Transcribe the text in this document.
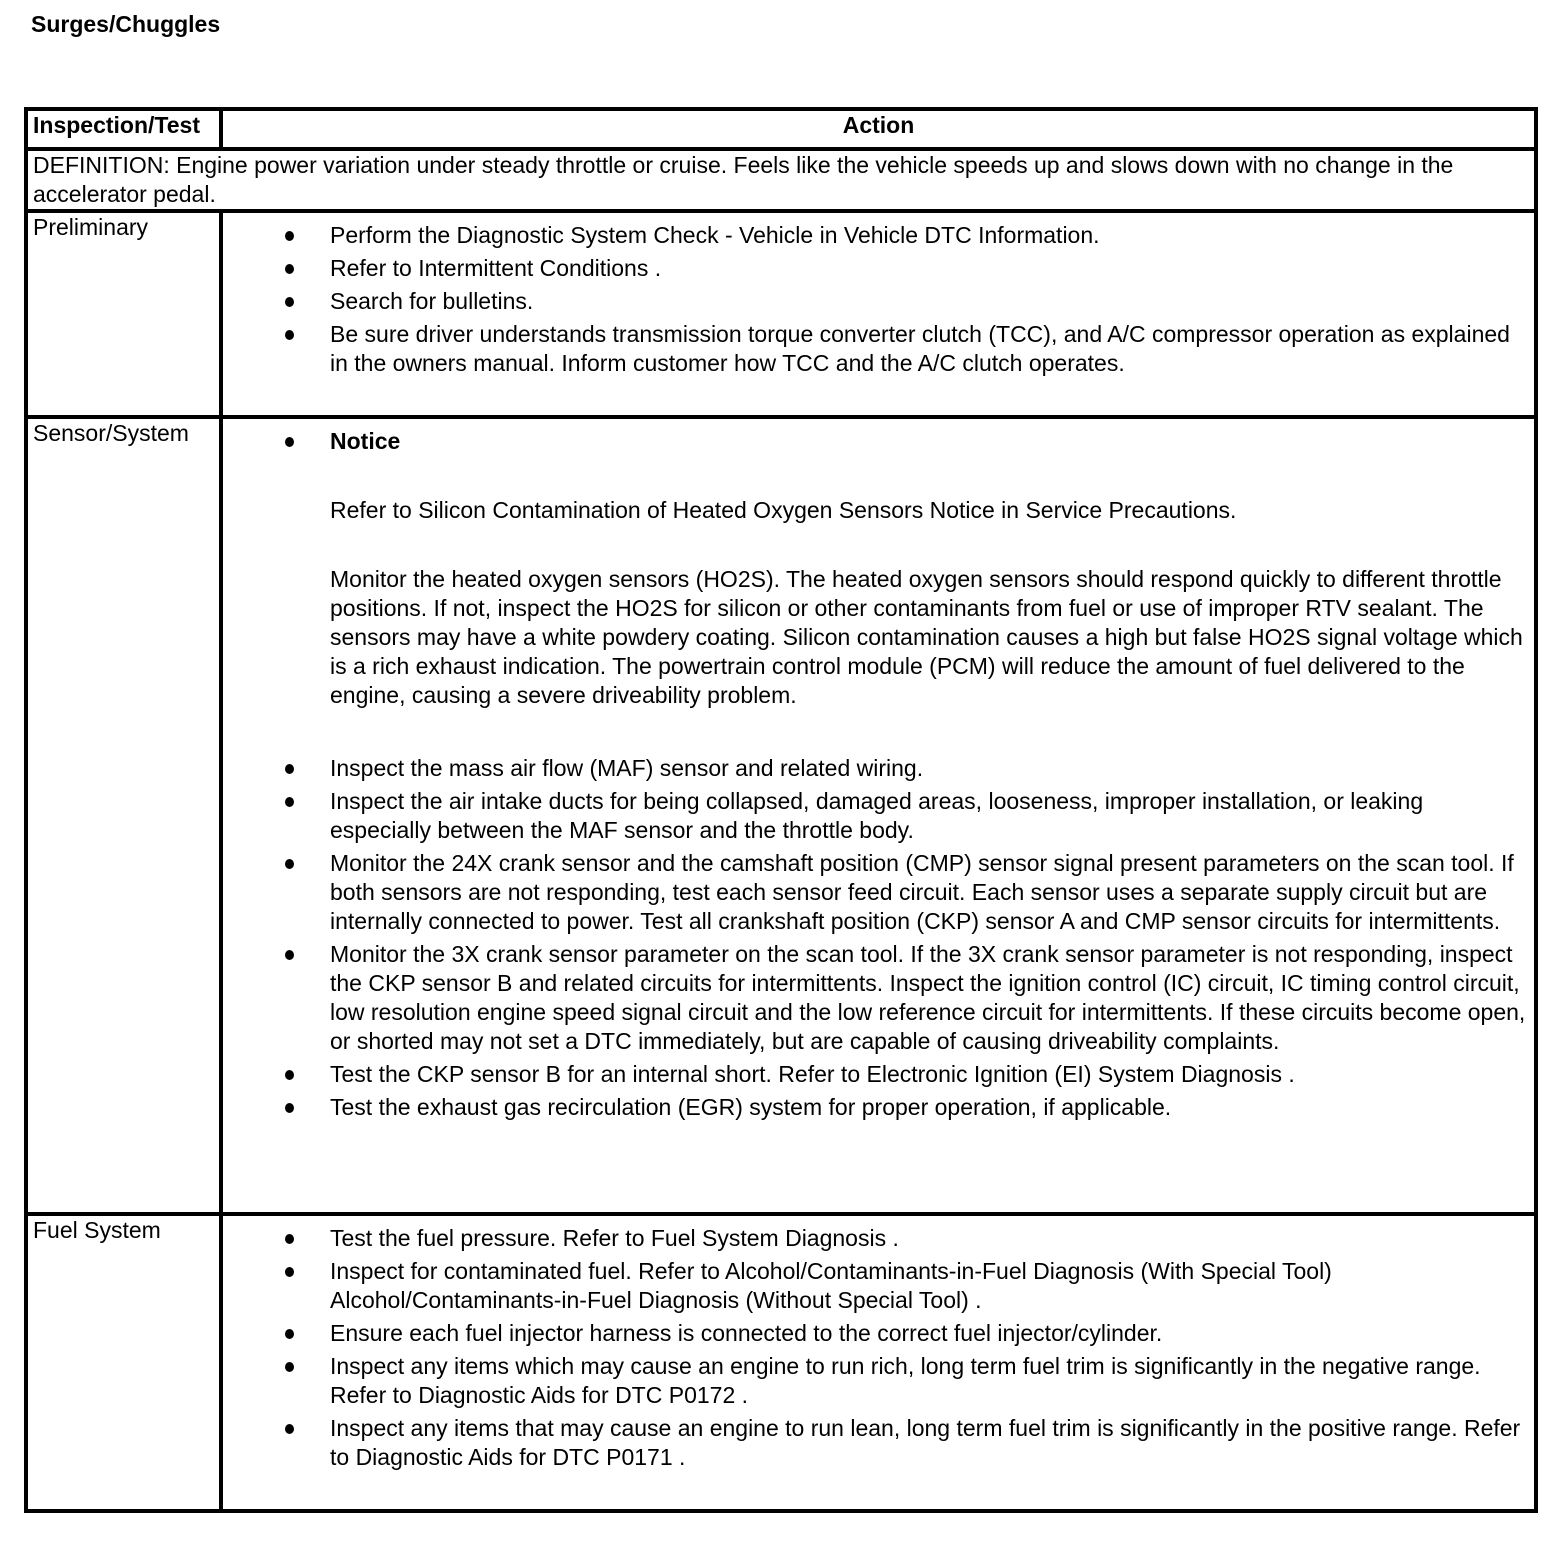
Surges/Chuggles
Inspection/Test	Action
DEFINITION: Engine power variation under steady throttle or cruise. Feels like the vehicle speeds up and slows down with no change in the accelerator pedal.	
Preliminary	Perform the Diagnostic System Check - Vehicle in Vehicle DTC Information.
Refer to Intermittent Conditions .
Search for bulletins.
Be sure driver understands transmission torque converter clutch (TCC), and A/C compressor operation as explained in the owners manual. Inform customer how TCC and the A/C clutch operates.

Sensor/System	Notice
Refer to Silicon Contamination of Heated Oxygen Sensors Notice in Service Precautions.
Monitor the heated oxygen sensors (HO2S). The heated oxygen sensors should respond quickly to different throttle positions. If not, inspect the HO2S for silicon or other contaminants from fuel or use of improper RTV sealant. The sensors may have a white powdery coating. Silicon contamination causes a high but false HO2S signal voltage which is a rich exhaust indication. The powertrain control module (PCM) will reduce the amount of fuel delivered to the engine, causing a severe driveability problem.
Inspect the mass air flow (MAF) sensor and related wiring.
Inspect the air intake ducts for being collapsed, damaged areas, looseness, improper installation, or leaking especially between the MAF sensor and the throttle body.
Monitor the 24X crank sensor and the camshaft position (CMP) sensor signal present parameters on the scan tool. If both sensors are not responding, test each sensor feed circuit. Each sensor uses a separate supply circuit but are internally connected to power. Test all crankshaft position (CKP) sensor A and CMP sensor circuits for intermittents.
Monitor the 3X crank sensor parameter on the scan tool. If the 3X crank sensor parameter is not responding, inspect the CKP sensor B and related circuits for intermittents. Inspect the ignition control (IC) circuit, IC timing control circuit, low resolution engine speed signal circuit and the low reference circuit for intermittents. If these circuits become open, or shorted may not set a DTC immediately, but are capable of causing driveability complaints.
Test the CKP sensor B for an internal short. Refer to Electronic Ignition (EI) System Diagnosis .
Test the exhaust gas recirculation (EGR) system for proper operation, if applicable.

Fuel System	Test the fuel pressure. Refer to Fuel System Diagnosis .
Inspect for contaminated fuel. Refer to Alcohol/Contaminants-in-Fuel Diagnosis (With Special Tool) Alcohol/Contaminants-in-Fuel Diagnosis (Without Special Tool) .
Ensure each fuel injector harness is connected to the correct fuel injector/cylinder.
Inspect any items which may cause an engine to run rich, long term fuel trim is significantly in the negative range. Refer to Diagnostic Aids for DTC P0172 .
Inspect any items that may cause an engine to run lean, long term fuel trim is significantly in the positive range. Refer to Diagnostic Aids for DTC P0171 .
